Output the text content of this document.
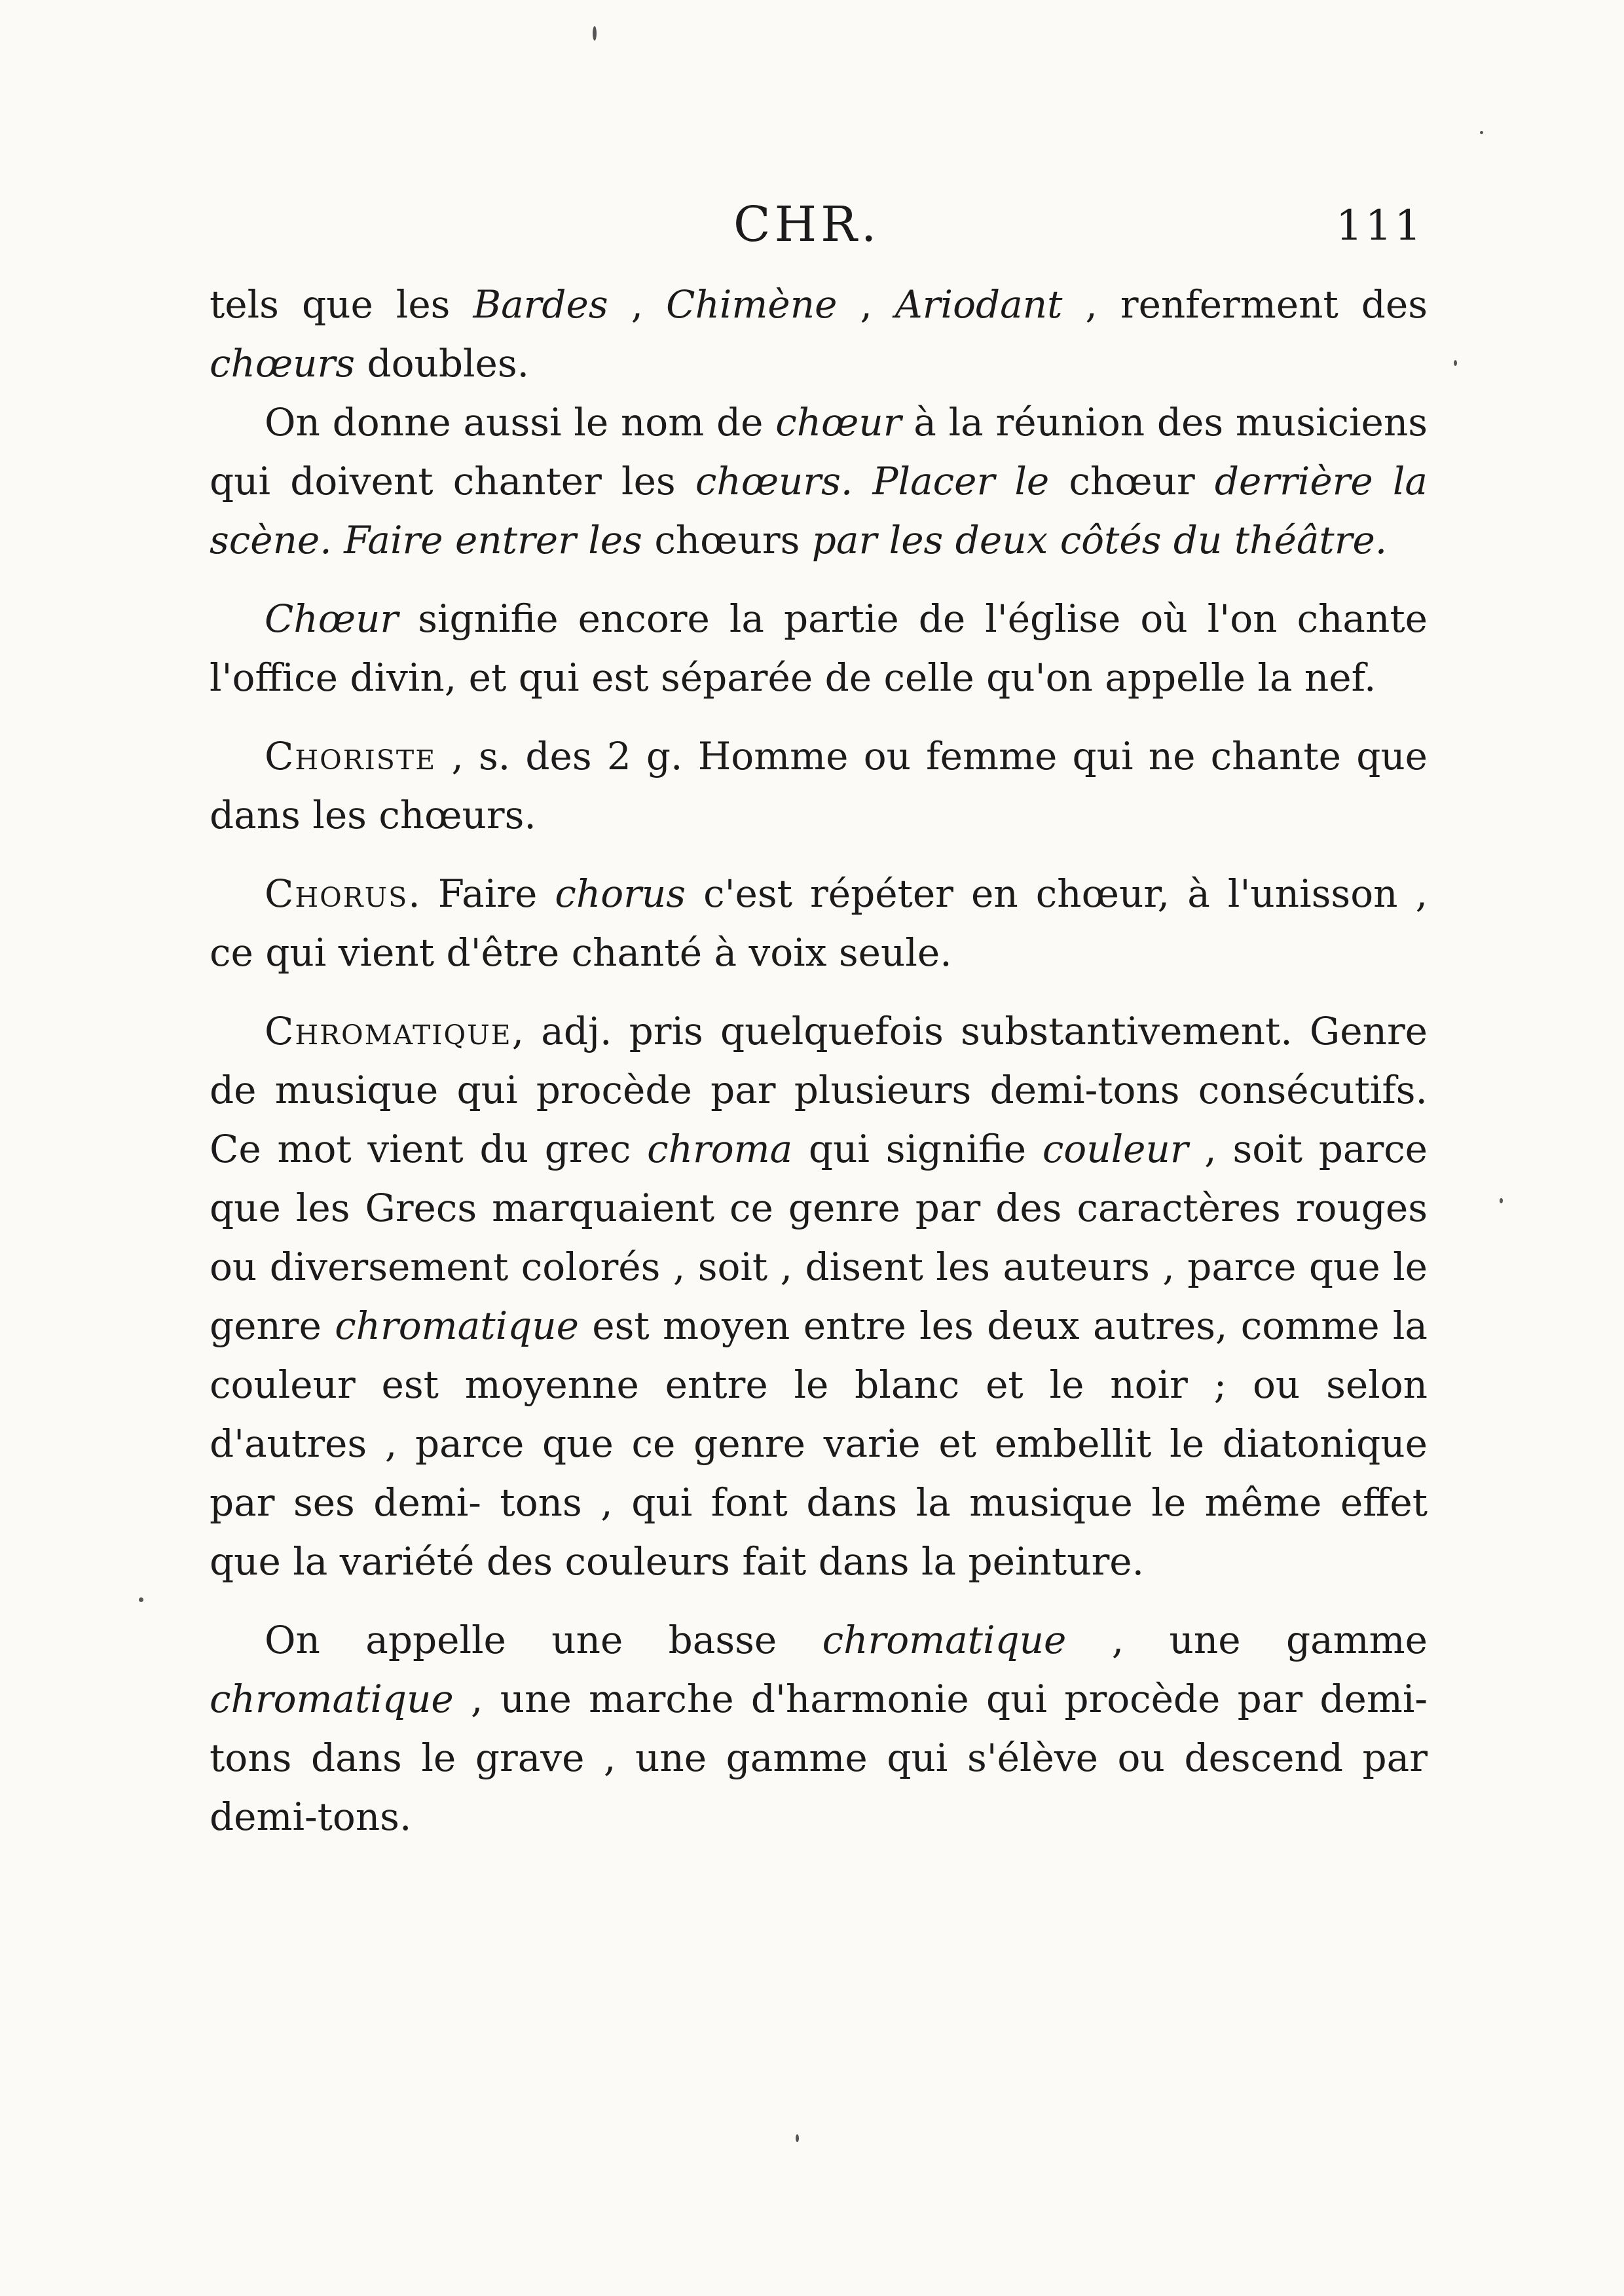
CHR.	111

tels que les Bardes , Chimène , Ariodant , renferment des chœurs doubles.

On donne aussi le nom de chœur à la réunion des musiciens qui doivent chanter les chœurs. Placer le chœur derrière la scène. Faire entrer les chœurs par les deux côtés du théâtre.

Chœur signifie encore la partie de l'église où l'on chante l'office divin, et qui est séparée de celle qu'on appelle la nef.

Choriste , s. des 2 g. Homme ou femme qui ne chante que dans les chœurs.

Chorus. Faire chorus c'est répéter en chœur, à l'unisson , ce qui vient d'être chanté à voix seule.

Chromatique, adj. pris quelquefois substantivement. Genre de musique qui procède par plusieurs demi-tons consécutifs. Ce mot vient du grec chroma qui signifie couleur , soit parce que les Grecs marquaient ce genre par des caractères rouges ou diversement colorés , soit , disent les auteurs , parce que le genre chromatique est moyen entre les deux autres, comme la couleur est moyenne entre le blanc et le noir ; ou selon d'autres , parce que ce genre varie et embellit le diatonique par ses demi- tons , qui font dans la musique le même effet que la variété des couleurs fait dans la peinture.

On appelle une basse chromatique , une gamme chromatique , une marche d'harmonie qui procède par demi-tons dans le grave , une gamme qui s'élève ou descend par demi-tons.
